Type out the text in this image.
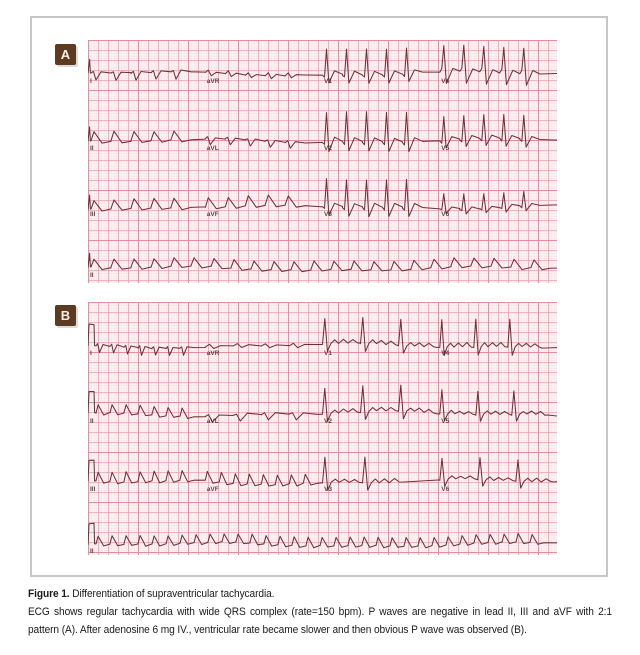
A
I	aVR	V1	V4
II	aVL	V2	V5
III	aVF	V3	V6
II
B
I	aVR	V1	V4
II	aVL	V2	V5
III	aVF	V3	V6
II

Figure 1. Differentiation of supraventricular tachycardia.

ECG shows regular tachycardia with wide QRS complex (rate=150 bpm). P waves are negative in lead II, III and aVF with 2:1 pattern (A). After adenosine 6 mg IV., ventricular rate became slower and then obvious P wave was observed (B).
